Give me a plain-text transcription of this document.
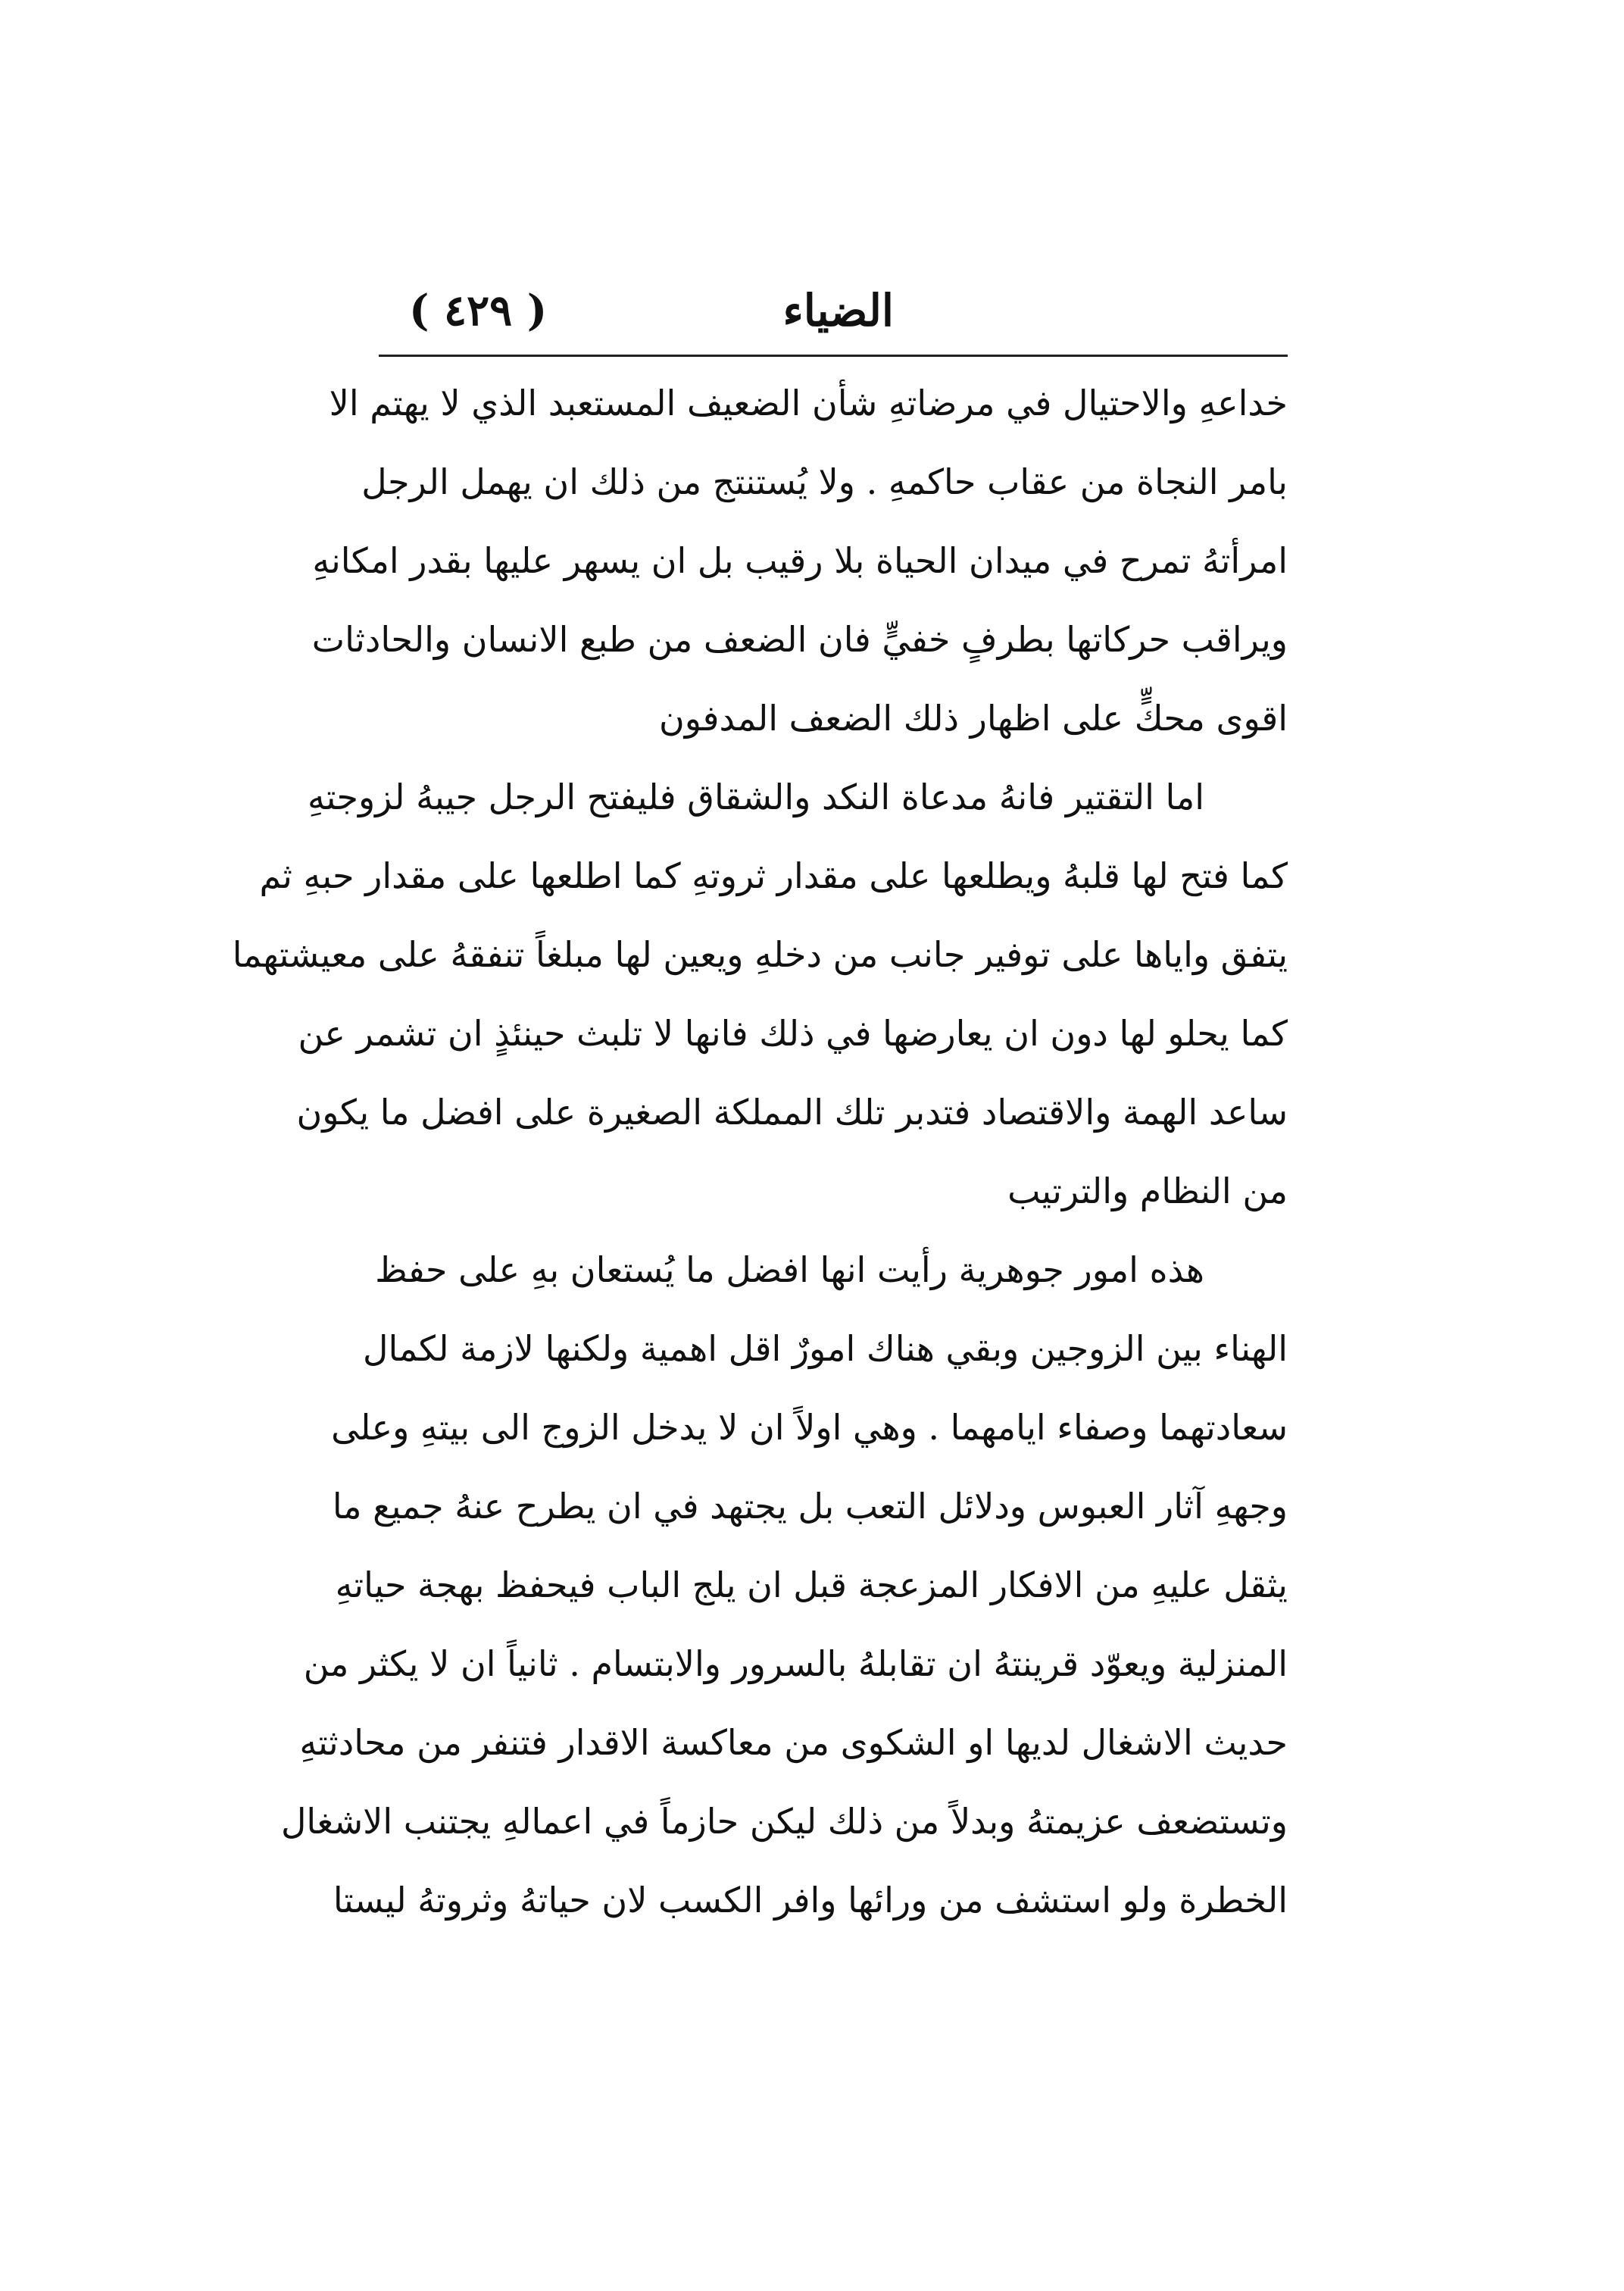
الضياء
( ٤٢٩ )
خداعهِ والاحتيال في مرضاتهِ شأن الضعيف المستعبد الذي لا يهتم الا
بامر النجاة من عقاب حاكمهِ . ولا يُستنتج من ذلك ان يهمل الرجل
امرأتهُ تمرح في ميدان الحياة بلا رقيب بل ان يسهر عليها بقدر امكانهِ
ويراقب حركاتها بطرفٍ خفيٍّ فان الضعف من طبع الانسان والحادثات
اقوى محكٍّ على اظهار ذلك الضعف المدفون
اما التقتير فانهُ مدعاة النكد والشقاق فليفتح الرجل جيبهُ لزوجتهِ
كما فتح لها قلبهُ ويطلعها على مقدار ثروتهِ كما اطلعها على مقدار حبهِ ثم
يتفق واياها على توفير جانب من دخلهِ ويعين لها مبلغاً تنفقهُ على معيشتهما
كما يحلو لها دون ان يعارضها في ذلك فانها لا تلبث حينئذٍ ان تشمر عن
ساعد الهمة والاقتصاد فتدبر تلك المملكة الصغيرة على افضل ما يكون
من النظام والترتيب
هذه امور جوهرية رأيت انها افضل ما يُستعان بهِ على حفظ
الهناء بين الزوجين وبقي هناك امورٌ اقل اهمية ولكنها لازمة لكمال
سعادتهما وصفاء ايامهما . وهي اولاً ان لا يدخل الزوج الى بيتهِ وعلى
وجههِ آثار العبوس ودلائل التعب بل يجتهد في ان يطرح عنهُ جميع ما
يثقل عليهِ من الافكار المزعجة قبل ان يلج الباب فيحفظ بهجة حياتهِ
المنزلية ويعوّد قرينتهُ ان تقابلهُ بالسرور والابتسام . ثانياً ان لا يكثر من
حديث الاشغال لديها او الشكوى من معاكسة الاقدار فتنفر من محادثتهِ
وتستضعف عزيمتهُ وبدلاً من ذلك ليكن حازماً في اعمالهِ يجتنب الاشغال
الخطرة ولو استشف من ورائها وافر الكسب لان حياتهُ وثروتهُ ليستا
